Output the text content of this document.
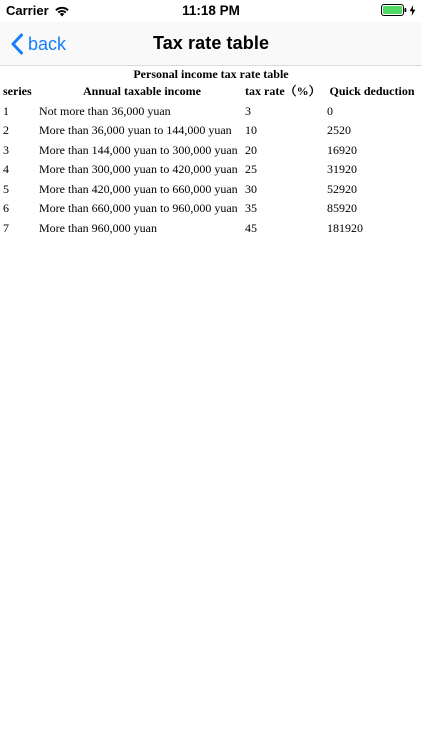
Carrier	11:18 PM
back	Tax rate table
Personal income tax rate table
series	Annual taxable income	tax rate（%）	Quick deduction
1	Not more than 36,000 yuan	3	0
2	More than 36,000 yuan to 144,000 yuan	10	2520
3	More than 144,000 yuan to 300,000 yuan	20	16920
4	More than 300,000 yuan to 420,000 yuan	25	31920
5	More than 420,000 yuan to 660,000 yuan	30	52920
6	More than 660,000 yuan to 960,000 yuan	35	85920
7	More than 960,000 yuan	45	181920
